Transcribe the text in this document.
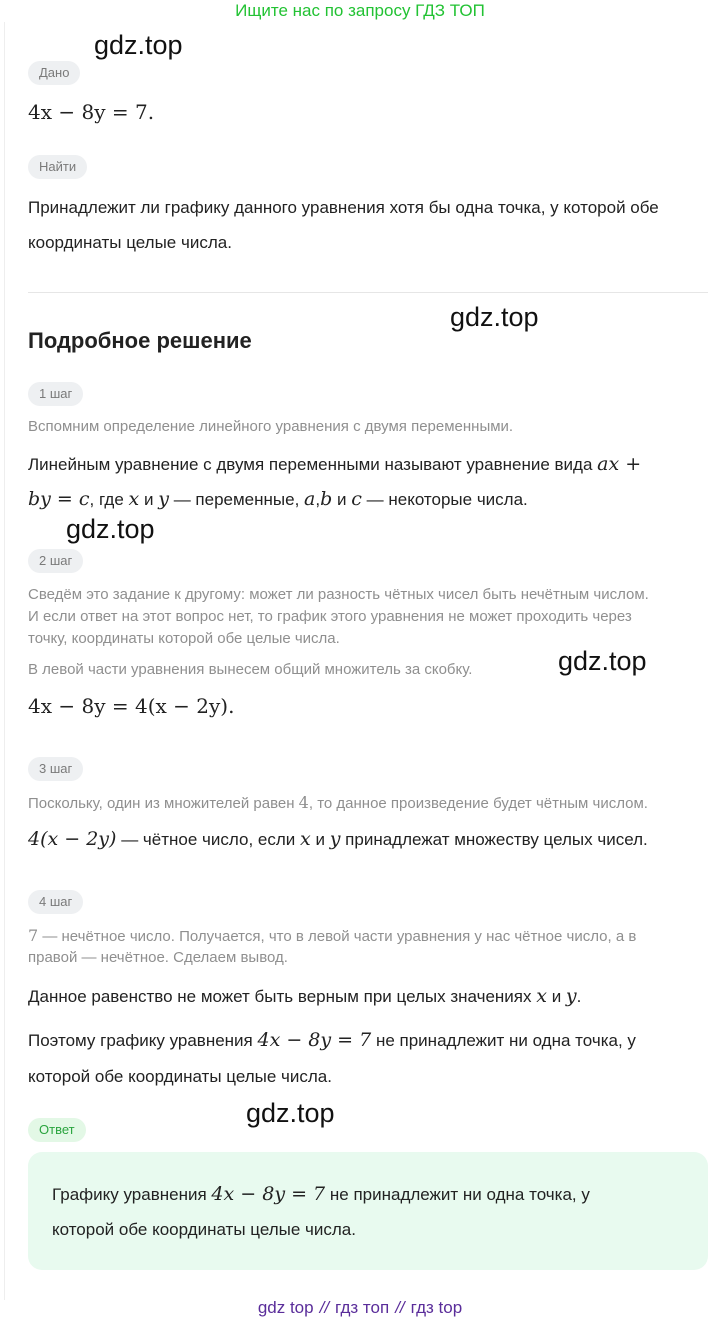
Ищите нас по запросу ГДЗ ТОП
gdz.top
gdz.top
gdz.top
gdz.top
gdz.top
Дано
4x − 8y = 7.
Найти
Принадлежит ли графику данного уравнения хотя бы одна точка, у которой обе
координаты целые числа.
Подробное решение
1 шаг
Вспомним определение линейного уравнения с двумя переменными.
Линейным уравнение с двумя переменными называют уравнение вида ax +
by = c, где x и y — переменные, a,b и c — некоторые числа.
2 шаг
Сведём это задание к другому: может ли разность чётных чисел быть нечётным числом.
И если ответ на этот вопрос нет, то график этого уравнения не может проходить через
точку, координаты которой обе целые числа.
В левой части уравнения вынесем общий множитель за скобку.
4x − 8y = 4(x − 2y).
3 шаг
Поскольку, один из множителей равен 4, то данное произведение будет чётным числом.
4(x − 2y) — чётное число, если x и y принадлежат множеству целых чисел.
4 шаг
7 — нечётное число. Получается, что в левой части уравнения у нас чётное число, а в
правой — нечётное. Сделаем вывод.
Данное равенство не может быть верным при целых значениях x и y.
Поэтому графику уравнения 4x − 8y = 7 не принадлежит ни одна точка, у
которой обе координаты целые числа.
Ответ
Графику уравнения 4x − 8y = 7 не принадлежит ни одна точка, у
которой обе координаты целые числа.
gdz top // гдз топ // гдз top
